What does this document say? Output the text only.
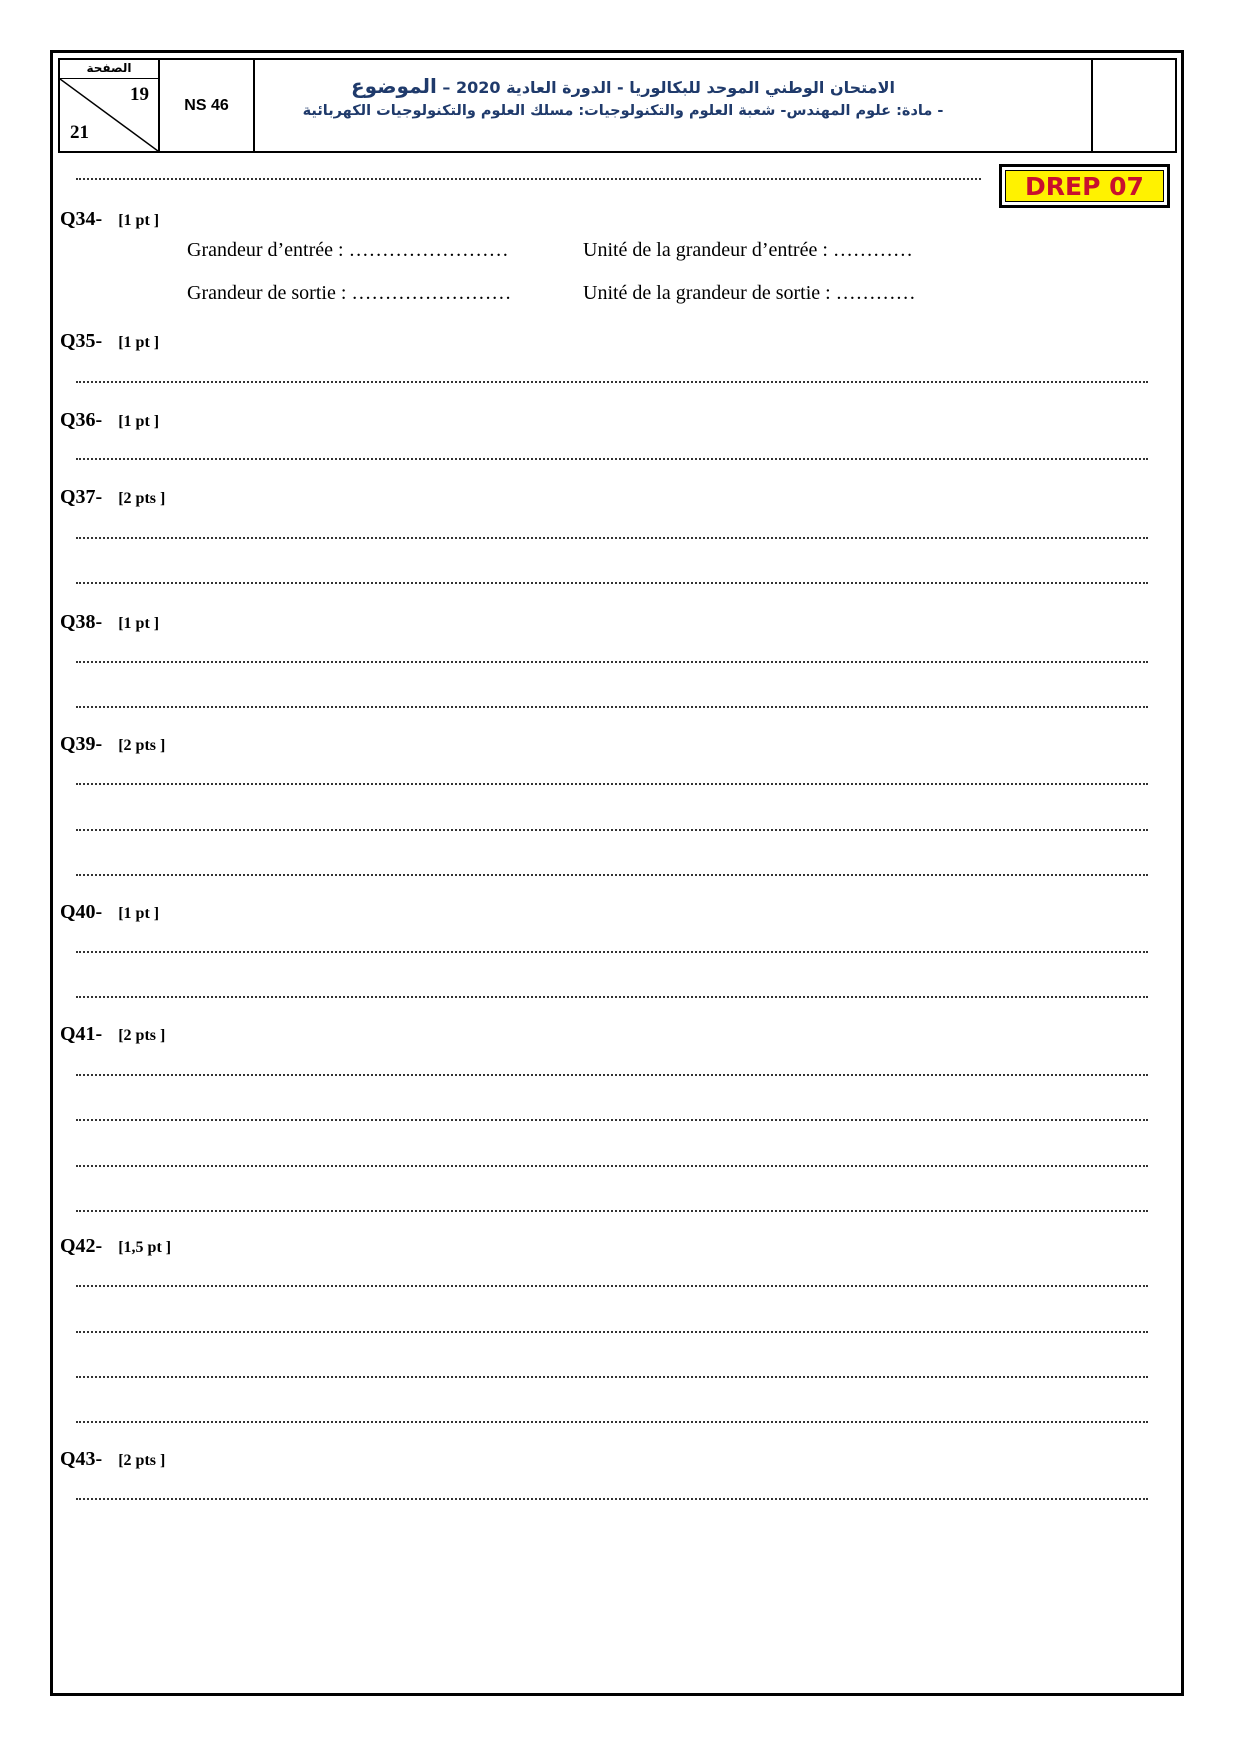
الصفحة
19
21
NS 46
الامتحان الوطني الموحد للبكالوريا - الدورة العادية 2020 – الموضوع
- مادة: علوم المهندس- شعبة العلوم والتكنولوجيات: مسلك العلوم والتكنولوجيات الكهربائية
DREP 07
Q34- [1 pt ]
Grandeur d’entrée : ……………………	Unité de la grandeur d’entrée : …………
Grandeur de sortie : ……………………	Unité de la grandeur de sortie : …………
Q35- [1 pt ]
Q36- [1 pt ]
Q37- [2 pts ]
Q38- [1 pt ]
Q39- [2 pts ]
Q40- [1 pt ]
Q41- [2 pts ]
Q42- [1,5 pt ]
Q43- [2 pts ]
